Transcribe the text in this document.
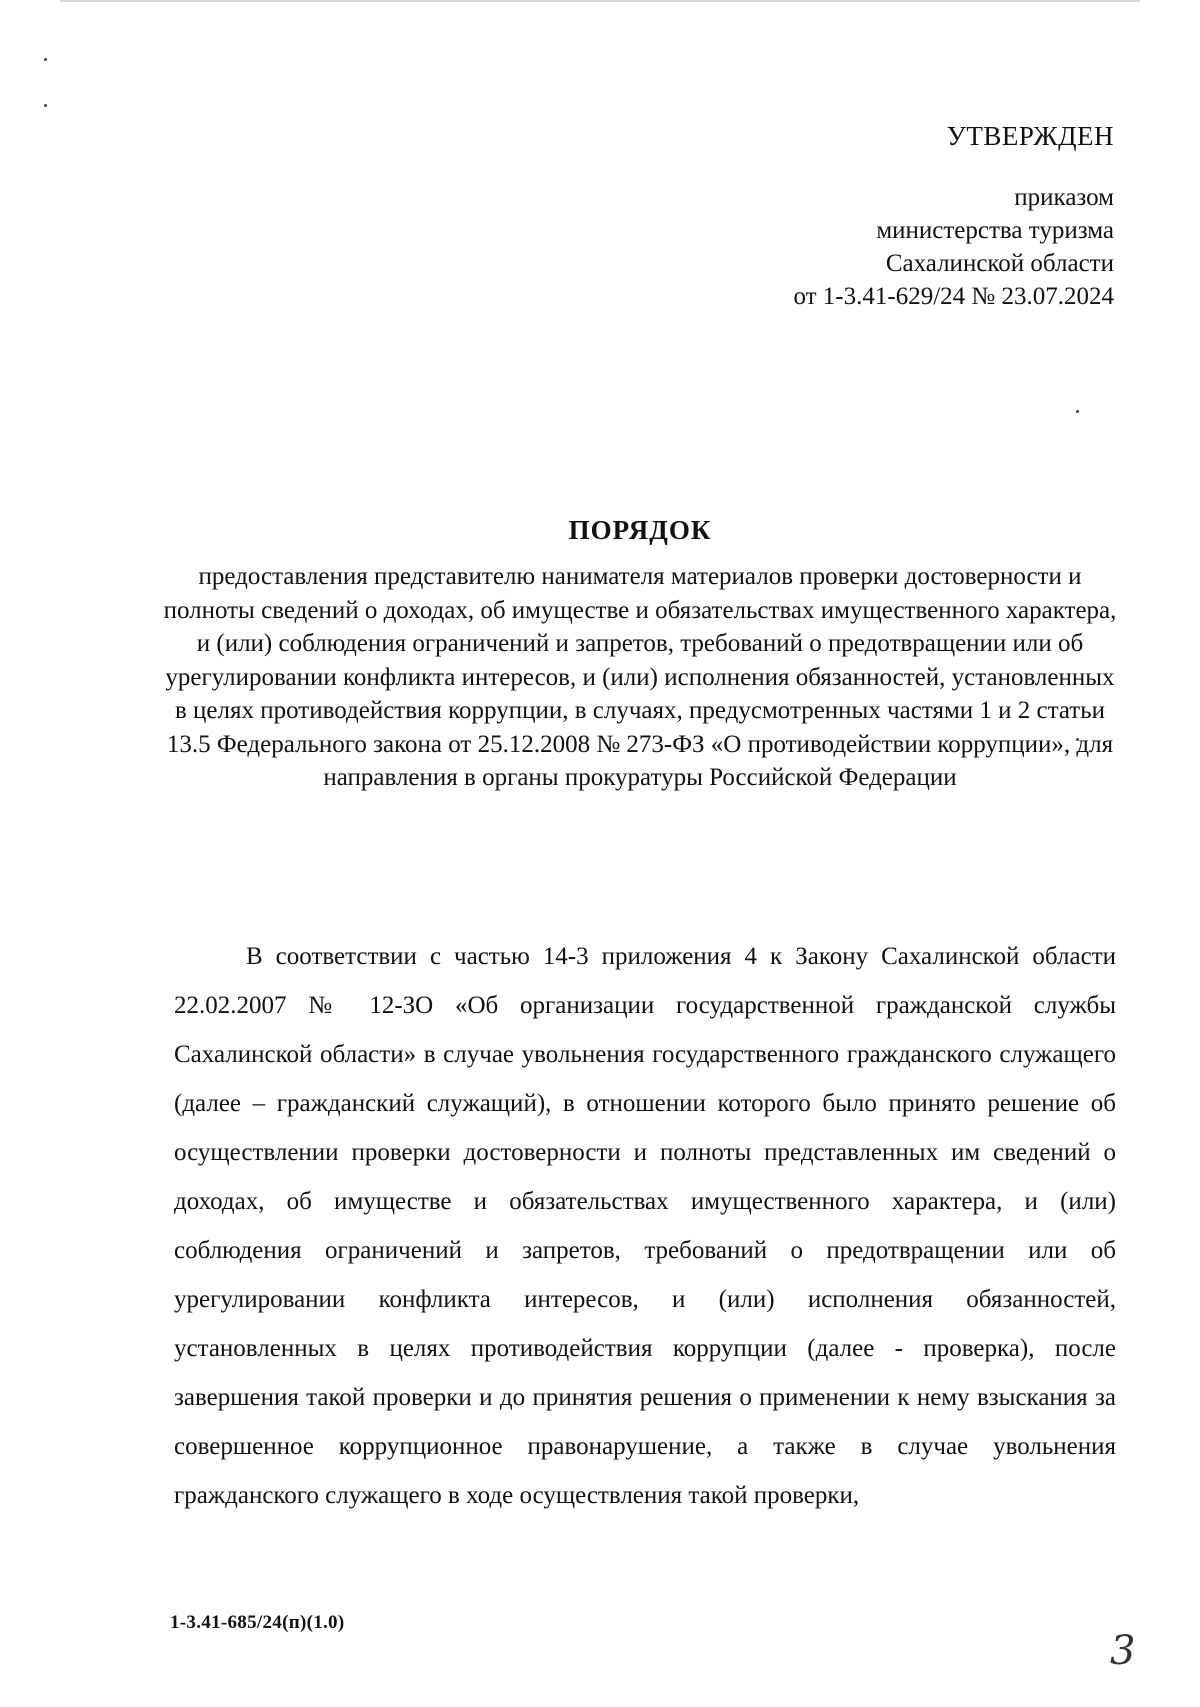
УТВЕРЖДЕН
приказом
министерства туризма
Сахалинской области
от 1-3.41-629/24 № 23.07.2024
ПОРЯДОК

предоставления представителю нанимателя материалов проверки достоверности и полноты сведений о доходах, об имуществе и обязательствах имущественного характера, и (или) соблюдения ограничений и запретов, требований о предотвращении или об урегулировании конфликта интересов, и (или) исполнения обязанностей, установленных в целях противодействия коррупции, в случаях, предусмотренных частями 1 и 2 статьи 13.5 Федерального закона от 25.12.2008 № 273-ФЗ «О противодействии коррупции», для направления в органы прокуратуры Российской Федерации

В соответствии с частью 14-3 приложения 4 к Закону Сахалинской области 22.02.2007 № 12-ЗО «Об организации государственной гражданской службы Сахалинской области» в случае увольнения государственного гражданского служащего (далее – гражданский служащий), в отношении которого было принято решение об осуществлении проверки достоверности и полноты представленных им сведений о доходах, об имуществе и обязательствах имущественного характера, и (или) соблюдения ограничений и запретов, требований о предотвращении или об урегулировании конфликта интересов, и (или) исполнения обязанностей, установленных в целях противодействия коррупции (далее - проверка), после завершения такой проверки и до принятия решения о применении к нему взыскания за совершенное коррупционное правонарушение, а также в случае увольнения гражданского служащего в ходе осуществления такой проверки,

1-3.41-685/24(п)(1.0)
3
